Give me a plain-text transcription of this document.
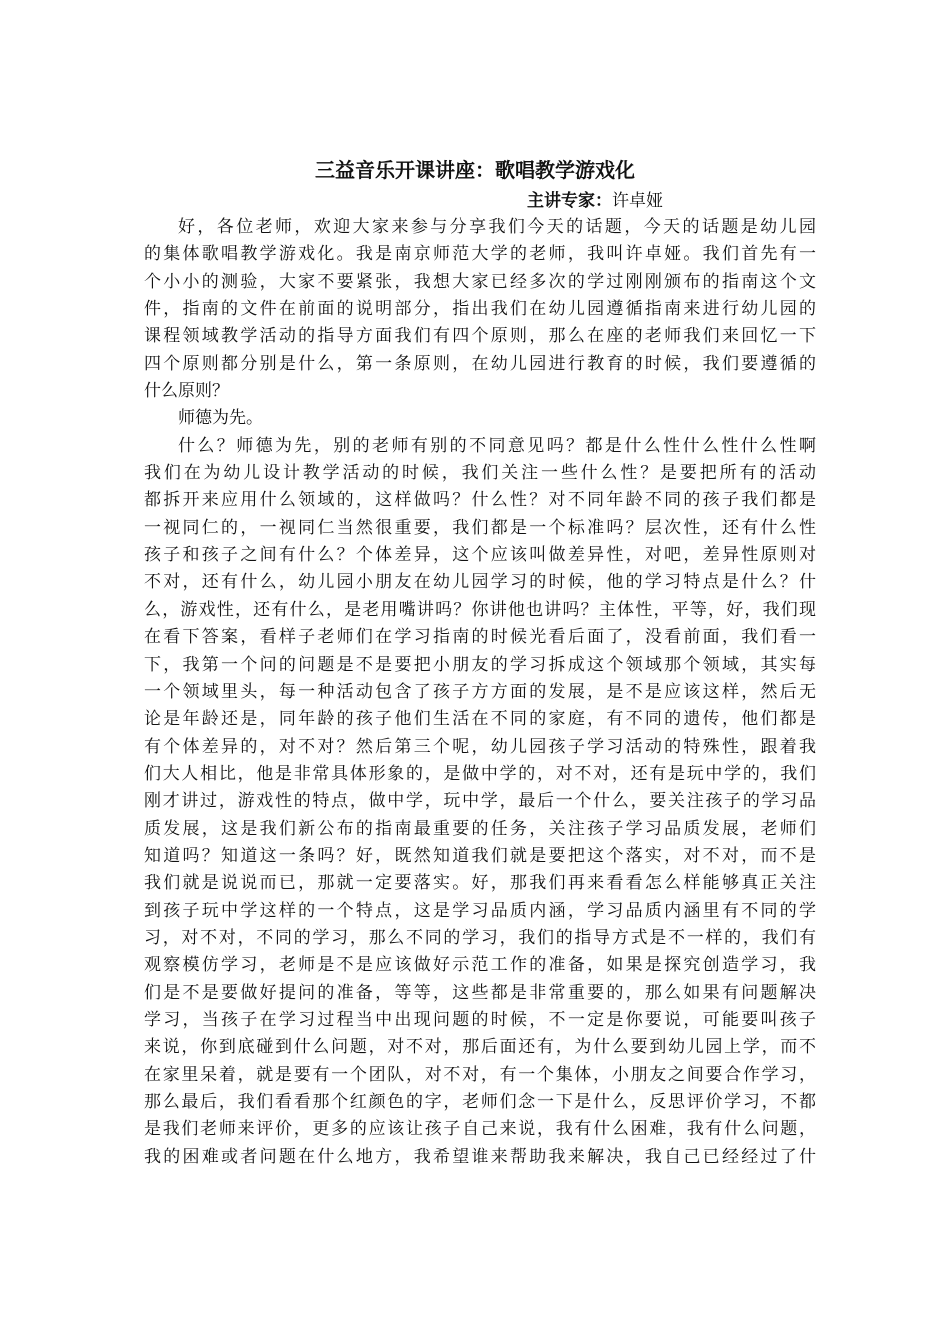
三益音乐开课讲座：歌唱教学游戏化
主讲专家：许卓娅
好，各位老师，欢迎大家来参与分享我们今天的话题，今天的话题是幼儿园
的集体歌唱教学游戏化。我是南京师范大学的老师，我叫许卓娅。我们首先有一
个小小的测验，大家不要紧张，我想大家已经多次的学过刚刚颁布的指南这个文
件，指南的文件在前面的说明部分，指出我们在幼儿园遵循指南来进行幼儿园的
课程领域教学活动的指导方面我们有四个原则，那么在座的老师我们来回忆一下
四个原则都分别是什么，第一条原则，在幼儿园进行教育的时候，我们要遵循的
什么原则？
师德为先。
什么？师德为先，别的老师有别的不同意见吗？都是什么性什么性什么性啊
我们在为幼儿设计教学活动的时候，我们关注一些什么性？是要把所有的活动
都拆开来应用什么领域的，这样做吗？什么性？对不同年龄不同的孩子我们都是
一视同仁的，一视同仁当然很重要，我们都是一个标准吗？层次性，还有什么性
孩子和孩子之间有什么？个体差异，这个应该叫做差异性，对吧，差异性原则对
不对，还有什么，幼儿园小朋友在幼儿园学习的时候，他的学习特点是什么？什
么，游戏性，还有什么，是老用嘴讲吗？你讲他也讲吗？主体性，平等，好，我们现
在看下答案，看样子老师们在学习指南的时候光看后面了，没看前面，我们看一
下，我第一个问的问题是不是要把小朋友的学习拆成这个领域那个领域，其实每
一个领域里头，每一种活动包含了孩子方方面的发展，是不是应该这样，然后无
论是年龄还是，同年龄的孩子他们生活在不同的家庭，有不同的遗传，他们都是
有个体差异的，对不对？然后第三个呢，幼儿园孩子学习活动的特殊性，跟着我
们大人相比，他是非常具体形象的，是做中学的，对不对，还有是玩中学的，我们
刚才讲过，游戏性的特点，做中学，玩中学，最后一个什么，要关注孩子的学习品
质发展，这是我们新公布的指南最重要的任务，关注孩子学习品质发展，老师们
知道吗？知道这一条吗？好，既然知道我们就是要把这个落实，对不对，而不是
我们就是说说而已，那就一定要落实。好，那我们再来看看怎么样能够真正关注
到孩子玩中学这样的一个特点，这是学习品质内涵，学习品质内涵里有不同的学
习，对不对，不同的学习，那么不同的学习，我们的指导方式是不一样的，我们有
观察模仿学习，老师是不是应该做好示范工作的准备，如果是探究创造学习，我
们是不是要做好提问的准备，等等，这些都是非常重要的，那么如果有问题解决
学习，当孩子在学习过程当中出现问题的时候，不一定是你要说，可能要叫孩子
来说，你到底碰到什么问题，对不对，那后面还有，为什么要到幼儿园上学，而不
在家里呆着，就是要有一个团队，对不对，有一个集体，小朋友之间要合作学习，
那么最后，我们看看那个红颜色的字，老师们念一下是什么，反思评价学习，不都
是我们老师来评价，更多的应该让孩子自己来说，我有什么困难，我有什么问题，
我的困难或者问题在什么地方，我希望谁来帮助我来解决，我自己已经经过了什
